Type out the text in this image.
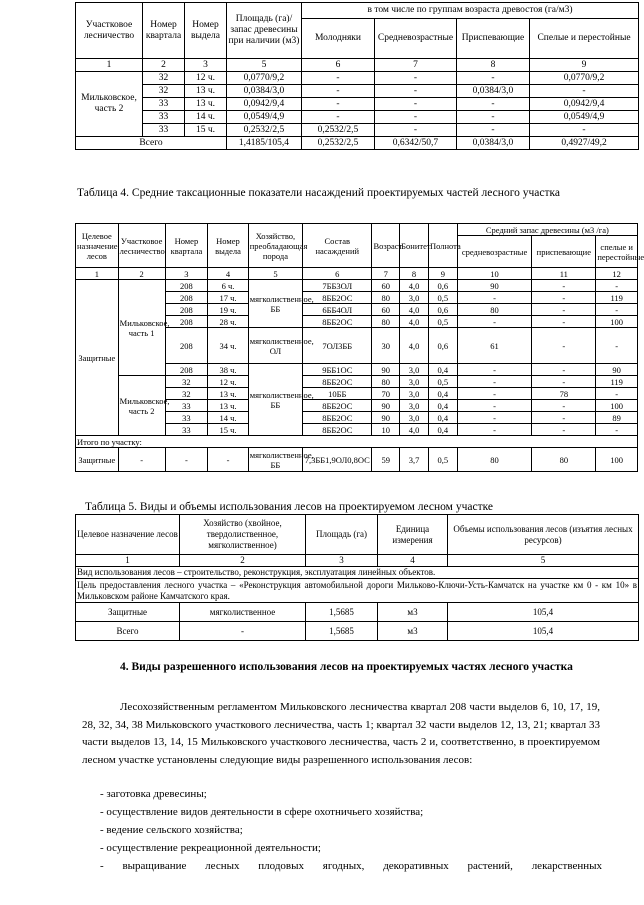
Участковое лесничество	Номер квартала	Номер выдела	Площадь (га)/запас древесины при наличии (м3)	в том числе по группам возраста древостоя (га/м3)			
				Молодняки	Средневозрастные	Приспевающие	Спелые и перестойные
1	2	3	5	6	7	8	9
Мильковское, часть 2	32	12 ч.	0,0770/9,2	-	-	-	0,0770/9,2
	32	13 ч.	0,0384/3,0	-	-	0,0384/3,0	-
	33	13 ч.	0,0942/9,4	-	-	-	0,0942/9,4
	33	14 ч.	0,0549/4,9	-	-	-	0,0549/4,9
	33	15 ч.	0,2532/2,5	0,2532/2,5	-	-	-
Всего			1,4185/105,4	0,2532/2,5	0,6342/50,7	0,0384/3,0	0,4927/49,2
Таблица 4. Средние таксационные показатели насаждений проектируемых частей лесного участка
Целевое назначение лесов	Участковое лесничество	Номер квартала	Номер выдела	Хозяйство, преобладающая порода	Состав насаждений	Возраст	Бонитет	Полнота	Средний запас древесины (м3 /га)		
									средневозрастные	приспевающие	спелые и перестойные
1	2	3	4	5	6	7	8	9	10	11	12
Защитные	Мильковское, часть 1	208	6 ч.	мягколиственное, ББ	7ББ3ОЛ	60	4,0	0,6	90	-	-
		208	17 ч.		8ББ2ОС	80	3,0	0,5	-	-	119
		208	19 ч.		6ББ4ОЛ	60	4,0	0,6	80	-	-
		208	28 ч.		8ББ2ОС	80	4,0	0,5	-	-	100
		208	34 ч.	мягколиственное, ОЛ	7ОЛ3ББ	30	4,0	0,6	61	-	-
		208	38 ч.	мягколиственное, ББ	9ББ1ОС	90	3,0	0,4	-	-	90
	Мильковское, часть 2	32	12 ч.		8ББ2ОС	80	3,0	0,5	-	-	119
		32	13 ч.		10ББ	70	3,0	0,4	-	78	-
		33	13 ч.		8ББ2ОС	90	3,0	0,4	-	-	100
		33	14 ч.		8ББ2ОС	90	3,0	0,4	-	-	89
		33	15 ч.		8ББ2ОС	10	4,0	0,4	-	-	-
Итого по участку:											
Защитные	-	-	-	мягколиственное, ББ	7,3ББ1,9ОЛ0,8ОС	59	3,7	0,5	80	80	100
Таблица 5. Виды и объемы использования лесов на проектируемом лесном участке
Целевое назначение лесов	Хозяйство (хвойное, твердолиственное, мягколиственное)	Площадь (га)	Единица измерения	Объемы использования лесов (изъятия лесных ресурсов)
1	2	3	4	5
Вид использования лесов – строительство, реконструкция, эксплуатация линейных объектов.				
Цель предоставления лесного участка – «Реконструкция автомобильной дороги Мильково-Ключи-Усть-Камчатск на участке км 0 - км 10» в Мильковском районе Камчатского края.				
Защитные	мягколиственное	1,5685	м3	105,4
Всего	-	1,5685	м3	105,4
4. Виды разрешенного использования лесов на проектируемых частях лесного участка
Лесохозяйственным регламентом Мильковского лесничества квартал 208 части выделов 6, 10, 17, 19, 28, 32, 34, 38 Мильковского участкового лесничества, часть 1; квартал 32 части выделов 12, 13, 21; квартал 33 части выделов 13, 14, 15 Мильковского участкового лесничества, часть 2 и, соответственно, в проектируемом лесном участке установлены следующие виды разрешенного использования лесов:
- заготовка древесины;
- осуществление видов деятельности в сфере охотничьего хозяйства;
- ведение сельского хозяйства;
- осуществление рекреационной деятельности;
- выращивание лесных плодовых ягодных, декоративных растений, лекарственных
